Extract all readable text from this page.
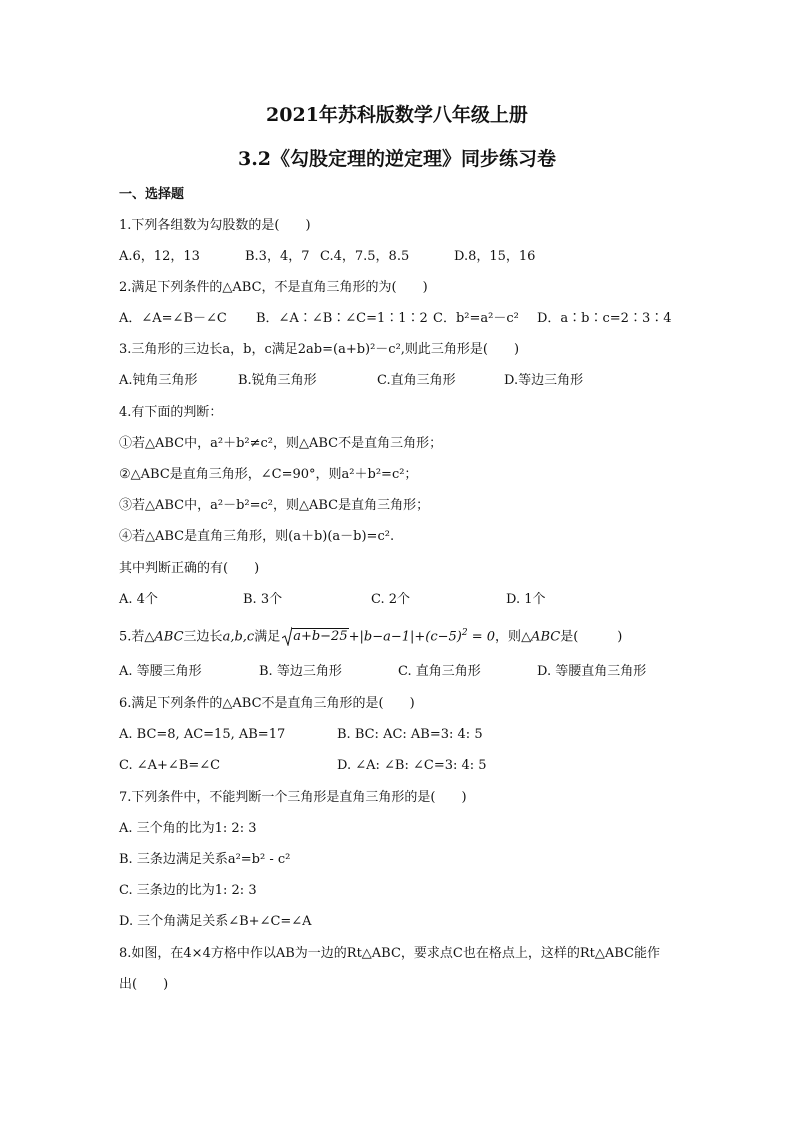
2021年苏科版数学八年级上册
3.2《勾股定理的逆定理》同步练习卷
一、选择题
1.下列各组数为勾股数的是(　　)
A.6，12，13	B.3，4，7 C.4，7.5，8.5	D.8，15，16
2.满足下列条件的△ABC，不是直角三角形的为(　　)
A．∠A=∠B－∠C B．∠A∶∠B∶∠C=1∶1∶2 C．b²=a²－c² D．a∶b∶c=2∶3∶4
3.三角形的三边长a，b，c满足2ab=(a+b)²－c²,则此三角形是(　　)
A.钝角三角形	B.锐角三角形	C.直角三角形	D.等边三角形
4.有下面的判断：
①若△ABC中，a²＋b²≠c²，则△ABC不是直角三角形；
②△ABC是直角三角形，∠C=90°，则a²＋b²=c²；
③若△ABC中，a²－b²=c²，则△ABC是直角三角形；
④若△ABC是直角三角形，则(a＋b)(a－b)=c².
其中判断正确的有(　　)
A. 4个	B. 3个	C. 2个	D. 1个
5.若△ABC三边长a,b,c满足 $a+b-25+|b-a-1|+(c-5)^2 = 0$，则△ABC是(　　　)
A. 等腰三角形	B. 等边三角形	C. 直角三角形	D. 等腰直角三角形
6.满足下列条件的△ABC不是直角三角形的是(　　)
A. BC=8, AC=15, AB=17	B. BC: AC: AB=3: 4: 5
C. ∠A+∠B=∠C	D. ∠A: ∠B: ∠C=3: 4: 5
7.下列条件中，不能判断一个三角形是直角三角形的是(　　)
A. 三个角的比为1: 2: 3
B. 三条边满足关系a²=b² - c²
C. 三条边的比为1: 2: 3
D. 三个角满足关系∠B+∠C=∠A
8.如图，在4×4方格中作以AB为一边的Rt△ABC，要求点C也在格点上，这样的Rt△ABC能作
出(　　)
